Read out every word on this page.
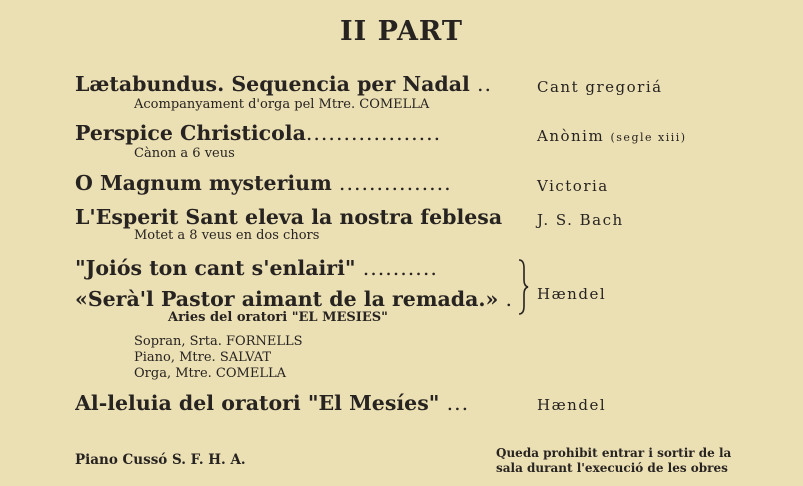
II PART
Lætabundus. Sequencia per Nadal ..	Cant gregoriá
Acompanyament d'orga pel Mtre. COMELLA
Perspice Christicola..................	Anònim (segle xiii)
Cànon a 6 veus
O Magnum mysterium ...............	Victoria
L'Esperit Sant eleva la nostra feblesa	J. S. Bach
Motet a 8 veus en dos chors
"Joiós ton cant s'enlairi" ..........
«Serà'l Pastor aimant de la remada.» . Hændel
Aries del oratori "EL MESIES"
Sopran, Srta. FORNELLS
Piano, Mtre. SALVAT
Orga, Mtre. COMELLA
Al-leluia del oratori "El Mesíes" ...	Hændel
Piano Cussó S. F. H. A.	Queda prohibit entrar i sortir de la
sala durant l'execució de les obres
